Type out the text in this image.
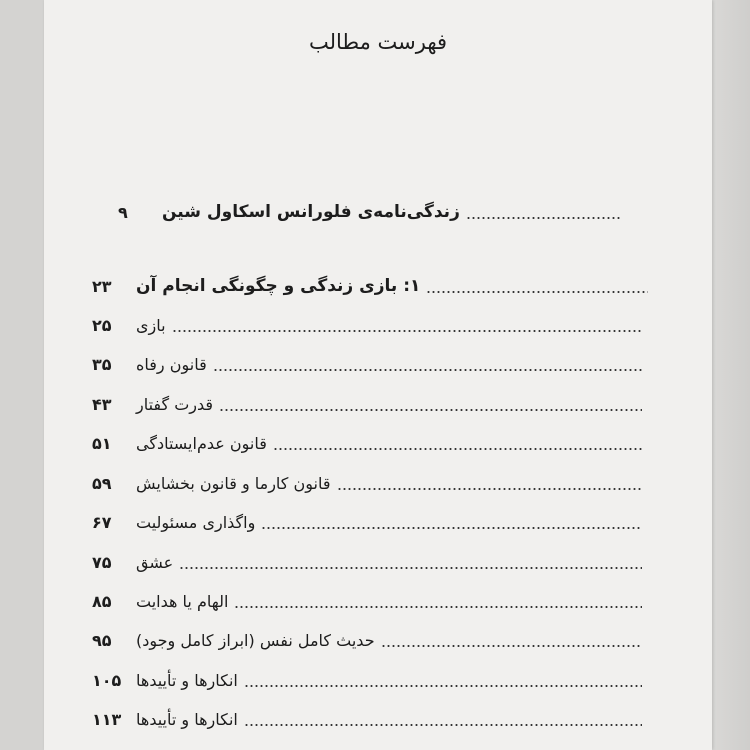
فهرست مطالب
زندگی‌نامه‌ی فلورانس اسکاول شین
۹
۱: بازی زندگی و چگونگی انجام آن
۲۳
بازی
۲۵
قانون رفاه
۳۵
قدرت گفتار
۴۳
قانون عدم‌ایستادگی
۵۱
قانون کارما و قانون بخشایش
۵۹
واگذاری مسئولیت
۶۷
عشق
۷۵
الهام یا هدایت
۸۵
حدیث کامل نفس (ابراز کامل وجود)
۹۵
انکارها و تأییدها
۱۰۵
انکارها و تأییدها
۱۱۳
